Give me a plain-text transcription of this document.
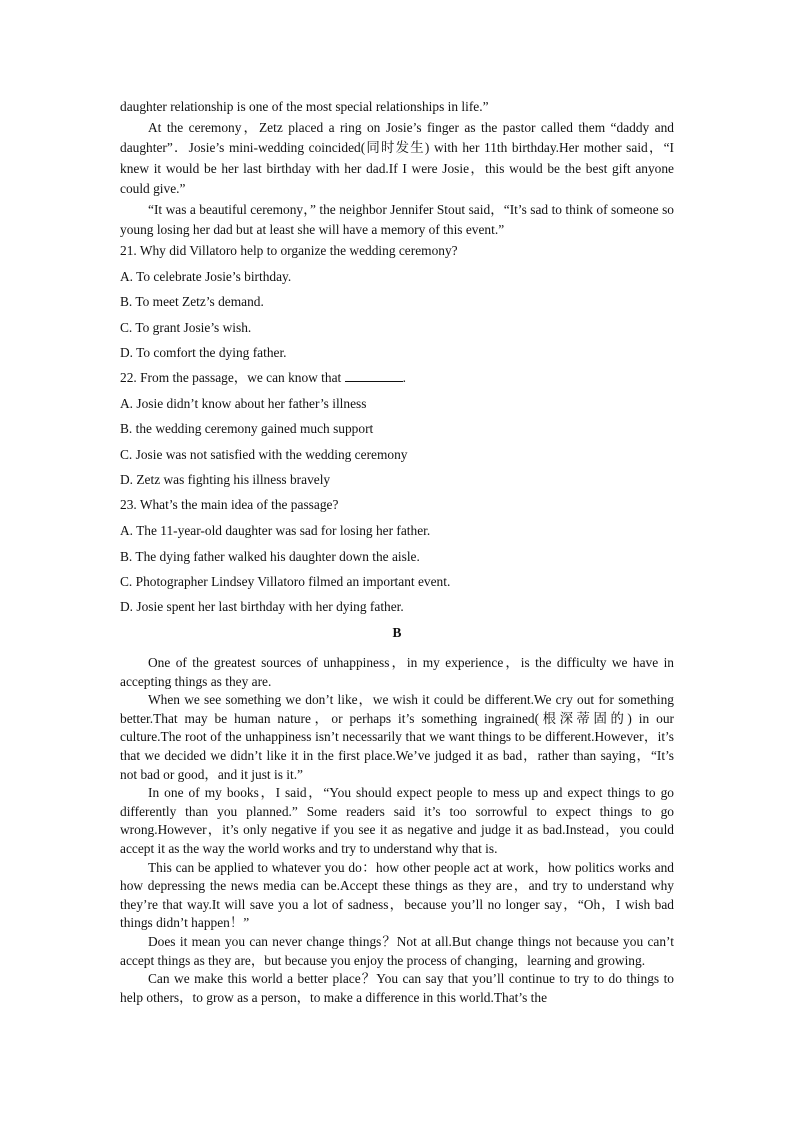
daughter relationship is one of the most special relationships in life.”

At the ceremony，Zetz placed a ring on Josie’s finger as the pastor called them “daddy and daughter”．Josie’s mini-wedding coincided(同时发生) with her 11th birthday.Her mother said，“I knew it would be her last birthday with her dad.If I were Josie，this would be the best gift anyone could give.”

“It was a beautiful ceremony，” the neighbor Jennifer Stout said，“It’s sad to think of someone so young losing her dad but at least she will have a memory of this event.”

21. Why did Villatoro help to organize the wedding ceremony?

A. To celebrate Josie’s birthday.

B. To meet Zetz’s demand.

C. To grant Josie’s wish.

D. To comfort the dying father.

22. From the passage，we can know that	.

A. Josie didn’t know about her father’s illness

B. the wedding ceremony gained much support

C. Josie was not satisfied with the wedding ceremony

D. Zetz was fighting his illness bravely

23. What’s the main idea of the passage?

A. The 11-year-old daughter was sad for losing her father.

B. The dying father walked his daughter down the aisle.

C. Photographer Lindsey Villatoro filmed an important event.

D. Josie spent her last birthday with her dying father.

B

One of the greatest sources of unhappiness，in my experience，is the difficulty we have in accepting things as they are.

When we see something we don’t like，we wish it could be different.We cry out for something better.That may be human nature，or perhaps it’s something ingrained(根深蒂固的) in our culture.The root of the unhappiness isn’t necessarily that we want things to be different.However，it’s that we decided we didn’t like it in the first place.We’ve judged it as bad，rather than saying，“It’s not bad or good，and it just is it.”

In one of my books，I said，“You should expect people to mess up and expect things to go differently than you planned.” Some readers said it’s too sorrowful to expect things to go wrong.However，it’s only negative if you see it as negative and judge it as bad.Instead，you could accept it as the way the world works and try to understand why that is.

This can be applied to whatever you do：how other people act at work，how politics works and how depressing the news media can be.Accept these things as they are，and try to understand why they’re that way.It will save you a lot of sadness，because you’ll no longer say，“Oh，I wish bad things didn’t happen！”

Does it mean you can never change things？Not at all.But change things not because you can’t accept things as they are，but because you enjoy the process of changing，learning and growing.

Can we make this world a better place？You can say that you’ll continue to try to do things to help others，to grow as a person，to make a difference in this world.That’s the
